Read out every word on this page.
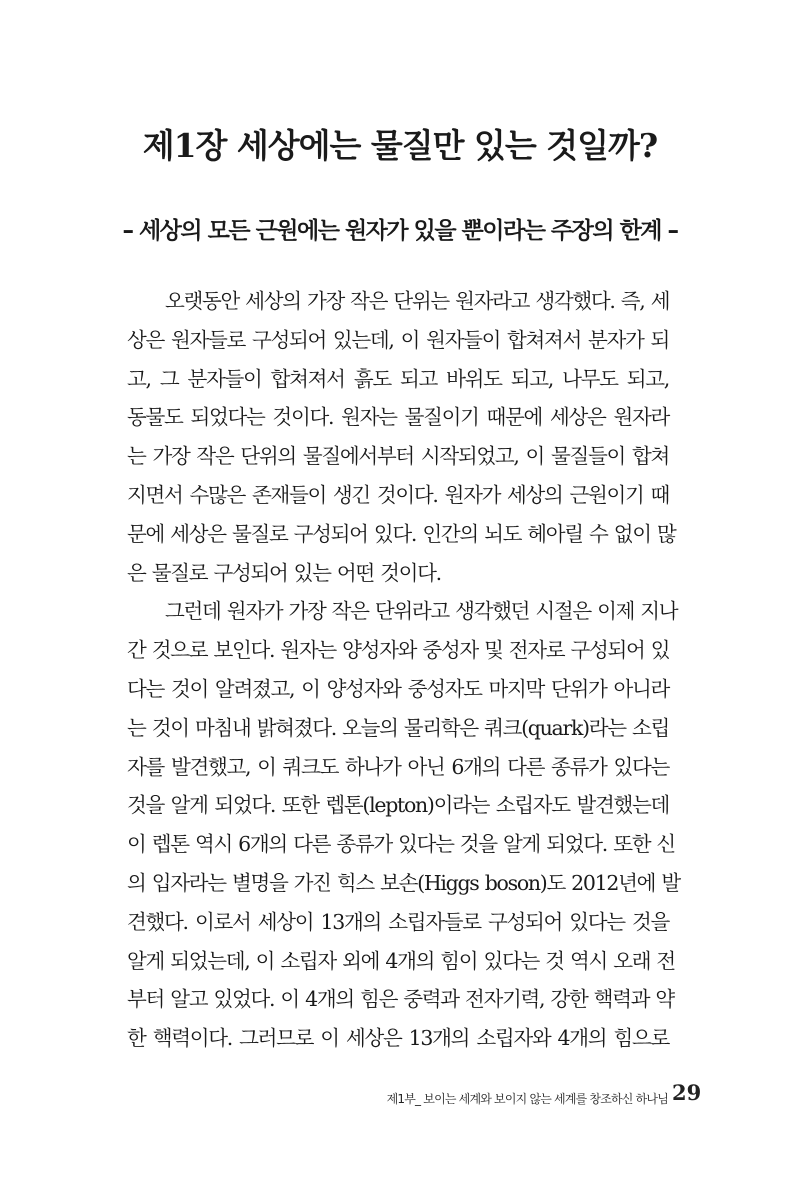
제1장 세상에는 물질만 있는 것일까?
– 세상의 모든 근원에는 원자가 있을 뿐이라는 주장의 한계 –

오랫동안 세상의 가장 작은 단위는 원자라고 생각했다. 즉, 세
상은 원자들로 구성되어 있는데, 이 원자들이 합쳐져서 분자가 되
고, 그 분자들이 합쳐져서 흙도 되고 바위도 되고, 나무도 되고,
동물도 되었다는 것이다. 원자는 물질이기 때문에 세상은 원자라
는 가장 작은 단위의 물질에서부터 시작되었고, 이 물질들이 합쳐
지면서 수많은 존재들이 생긴 것이다. 원자가 세상의 근원이기 때
문에 세상은 물질로 구성되어 있다. 인간의 뇌도 헤아릴 수 없이 많
은 물질로 구성되어 있는 어떤 것이다.

그런데 원자가 가장 작은 단위라고 생각했던 시절은 이제 지나
간 것으로 보인다. 원자는 양성자와 중성자 및 전자로 구성되어 있
다는 것이 알려졌고, 이 양성자와 중성자도 마지막 단위가 아니라
는 것이 마침내 밝혀졌다. 오늘의 물리학은 쿼크(quark)라는 소립
자를 발견했고, 이 쿼크도 하나가 아닌 6개의 다른 종류가 있다는
것을 알게 되었다. 또한 렙톤(lepton)이라는 소립자도 발견했는데
이 렙톤 역시 6개의 다른 종류가 있다는 것을 알게 되었다. 또한 신
의 입자라는 별명을 가진 힉스 보손(Higgs boson)도 2012년에 발
견했다. 이로서 세상이 13개의 소립자들로 구성되어 있다는 것을
알게 되었는데, 이 소립자 외에 4개의 힘이 있다는 것 역시 오래 전
부터 알고 있었다. 이 4개의 힘은 중력과 전자기력, 강한 핵력과 약
한 핵력이다. 그러므로 이 세상은 13개의 소립자와 4개의 힘으로

제1부_ 보이는 세계와 보이지 않는 세계를 창조하신 하나님 29
